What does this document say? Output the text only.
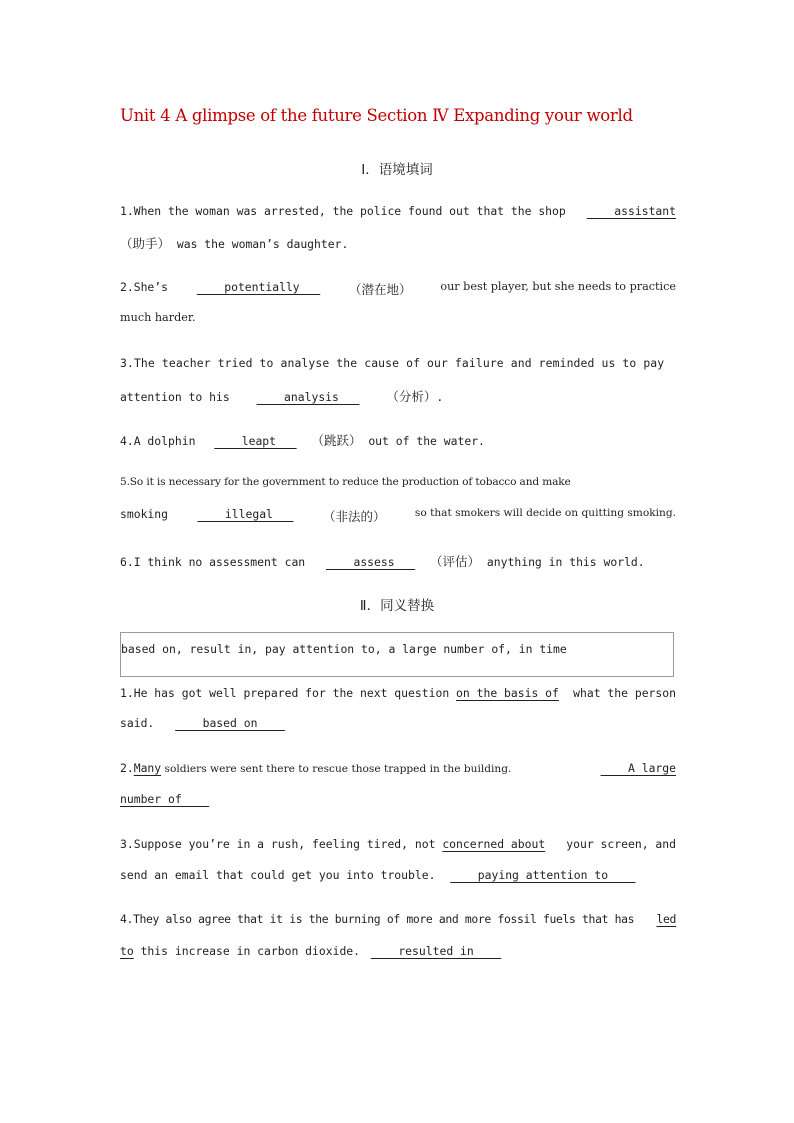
Unit 4 A glimpse of the future Section Ⅳ Expanding your world
Ⅰ．语境填词
1.When the woman was arrested, the police found out that the shop assistant
（助手） was the woman’s daughter.
2.She’s	potentially （潜在地）	our best player, but she needs to practice
much harder.
3.The teacher tried to analyse the cause of our failure and reminded us to pay
attention to his     analysis    （分析）.
4.A dolphin     leapt    （跳跃） out of the water.
5.So it is necessary for the government to reduce the production of tobacco and make
smoking	illegal （非法的）	so that smokers will decide on quitting smoking.
6.I think no assessment can     assess    （评估） anything in this world.
Ⅱ．同义替换
based on, result in, pay attention to, a large number of, in time
1.He has got well prepared for the next question on the basis of what the person
said.     based on
2.Many soldiers were sent there to rescue those trapped in the building.	A large
number of
3.Suppose you’re in a rush, feeling tired, not concerned about your screen, and
send an email that could get you into trouble.     paying attention to
4.They also agree that it is the burning of more and more fossil fuels that has led
to this increase in carbon dioxide.     resulted in
